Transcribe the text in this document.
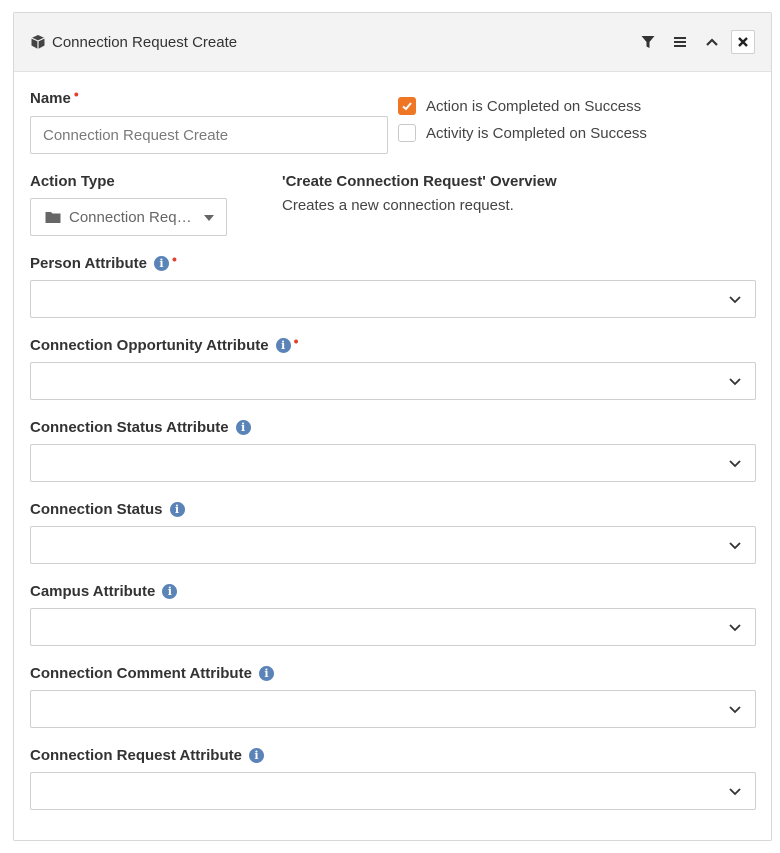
Connection Request Create
Name •
Connection Request Create
Action is Completed on Success
Activity is Completed on Success
Action Type
Connection Req…
'Create Connection Request' Overview
Creates a new connection request.
Person Attribute	i •
Connection Opportunity Attribute	i •
Connection Status Attribute	i
Connection Status	i
Campus Attribute	i
Connection Comment Attribute	i
Connection Request Attribute	i
